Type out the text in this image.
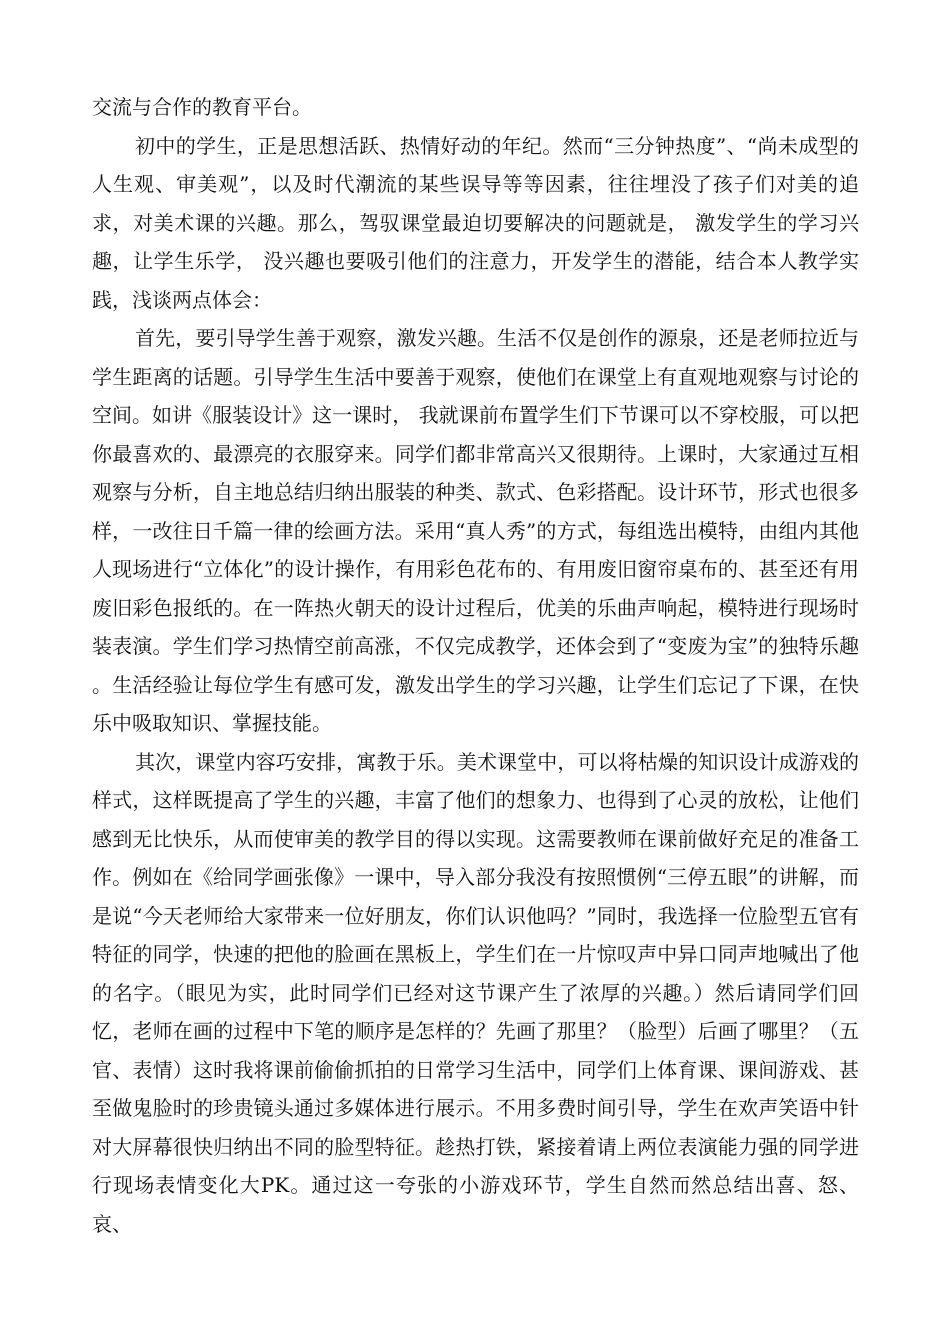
交流与合作的教育平台。

初中的学生，正是思想活跃、热情好动的年纪。然而“三分钟热度”、“尚未成型的人生观、审美观”，以及时代潮流的某些误导等等因素，往往埋没了孩子们对美的追求，对美术课的兴趣。那么，驾驭课堂最迫切要解决的问题就是， 激发学生的学习兴趣，让学生乐学， 没兴趣也要吸引他们的注意力，开发学生的潜能，结合本人教学实践，浅谈两点体会：

首先，要引导学生善于观察，激发兴趣。生活不仅是创作的源泉，还是老师拉近与学生距离的话题。引导学生生活中要善于观察，使他们在课堂上有直观地观察与讨论的空间。如讲《服装设计》这一课时， 我就课前布置学生们下节课可以不穿校服，可以把你最喜欢的、最漂亮的衣服穿来。同学们都非常高兴又很期待。上课时，大家通过互相观察与分析，自主地总结归纳出服装的种类、款式、色彩搭配。设计环节，形式也很多样，一改往日千篇一律的绘画方法。采用“真人秀”的方式，每组选出模特，由组内其他人现场进行“立体化”的设计操作，有用彩色花布的、有用废旧窗帘桌布的、甚至还有用废旧彩色报纸的。在一阵热火朝天的设计过程后，优美的乐曲声响起，模特进行现场时装表演。学生们学习热情空前高涨，不仅完成教学，还体会到了“变废为宝”的独特乐趣 。生活经验让每位学生有感可发，激发出学生的学习兴趣，让学生们忘记了下课，在快乐中吸取知识、掌握技能。

其次，课堂内容巧安排，寓教于乐。美术课堂中，可以将枯燥的知识设计成游戏的样式，这样既提高了学生的兴趣，丰富了他们的想象力、也得到了心灵的放松，让他们感到无比快乐，从而使审美的教学目的得以实现。这需要教师在课前做好充足的准备工作。例如在《给同学画张像》一课中，导入部分我没有按照惯例“三停五眼”的讲解，而是说“今天老师给大家带来一位好朋友，你们认识他吗？”同时，我选择一位脸型五官有特征的同学，快速的把他的脸画在黑板上，学生们在一片惊叹声中异口同声地喊出了他的名字。（眼见为实，此时同学们已经对这节课产生了浓厚的兴趣。）然后请同学们回忆，老师在画的过程中下笔的顺序是怎样的？先画了那里？（脸型）后画了哪里？（五官、表情）这时我将课前偷偷抓拍的日常学习生活中，同学们上体育课、课间游戏、甚至做鬼脸时的珍贵镜头通过多媒体进行展示。不用多费时间引导，学生在欢声笑语中针对大屏幕很快归纳出不同的脸型特征。趁热打铁，紧接着请上两位表演能力强的同学进行现场表情变化大PK。通过这一夸张的小游戏环节，学生自然而然总结出喜、怒、哀、
